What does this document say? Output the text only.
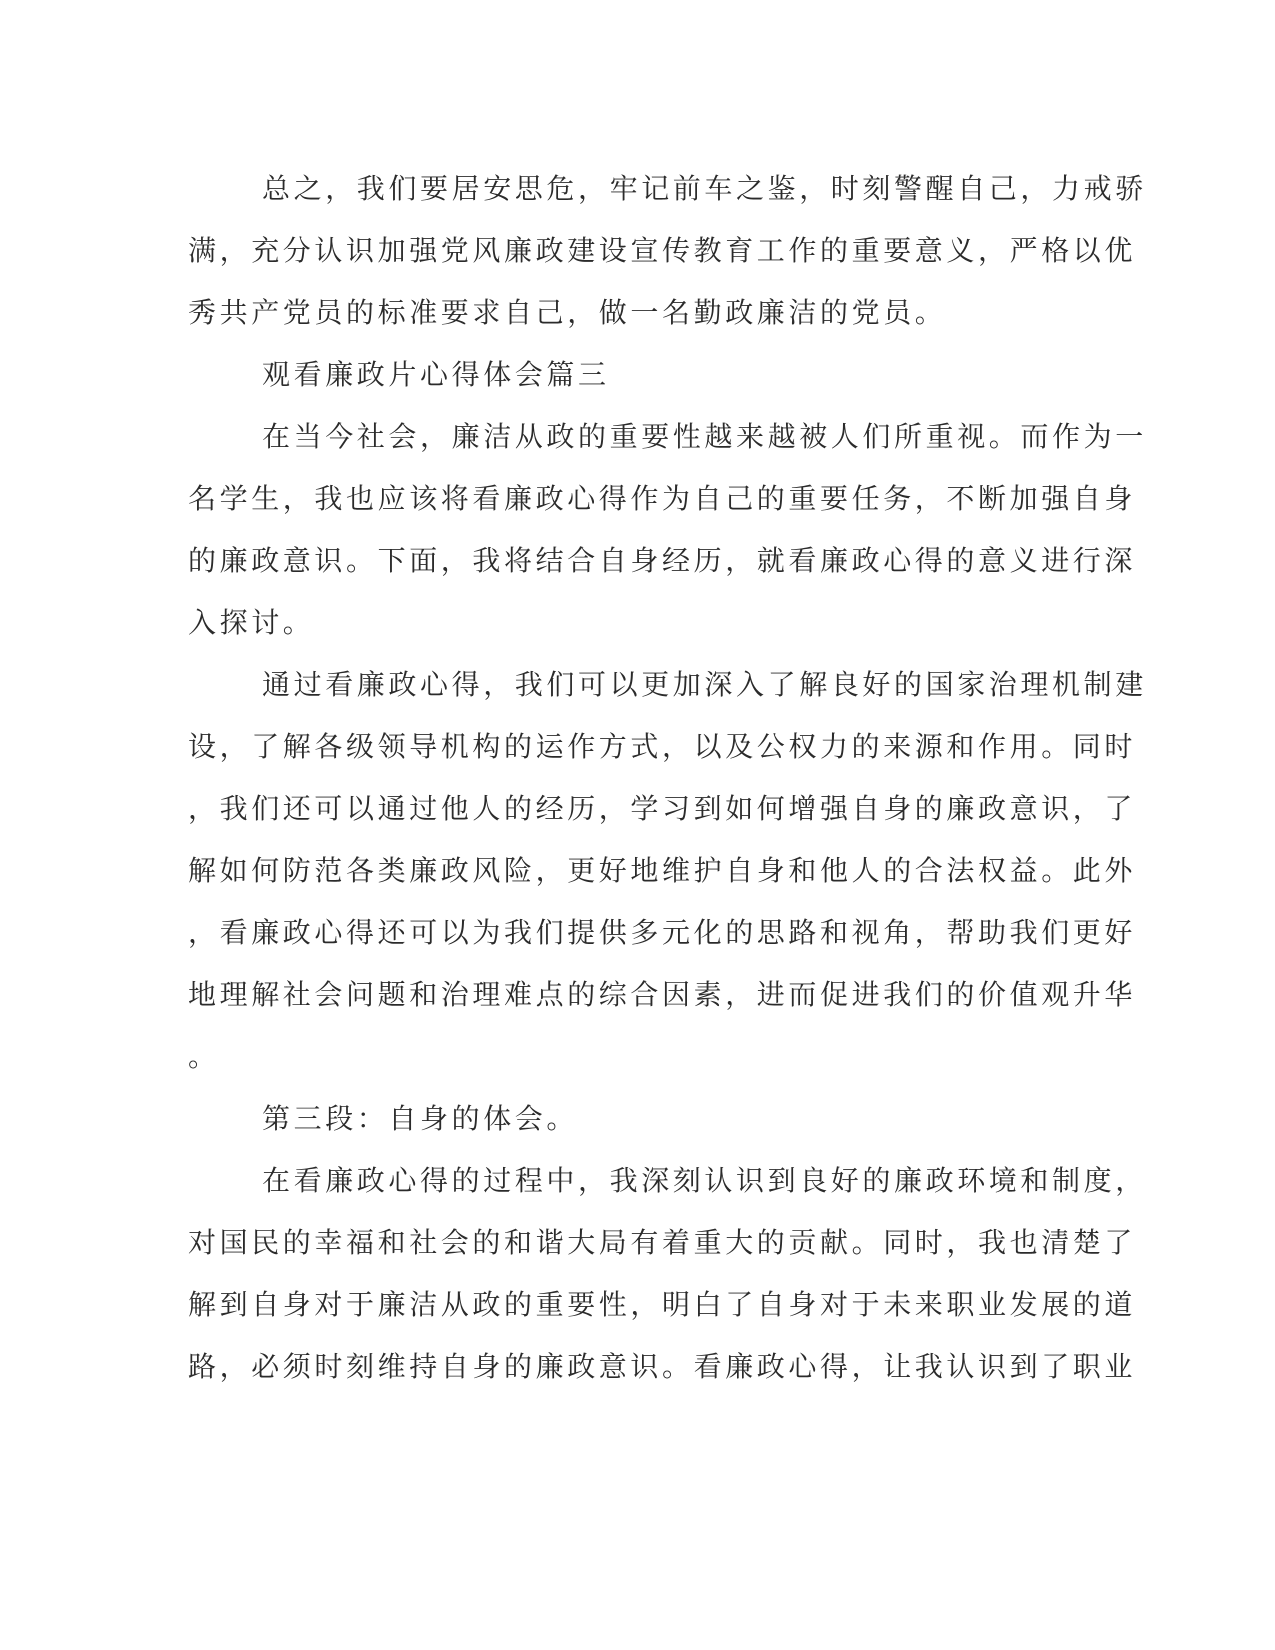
总之，我们要居安思危，牢记前车之鉴，时刻警醒自己，力戒骄
满，充分认识加强党风廉政建设宣传教育工作的重要意义，严格以优
秀共产党员的标准要求自己，做一名勤政廉洁的党员。
观看廉政片心得体会篇三
在当今社会，廉洁从政的重要性越来越被人们所重视。而作为一
名学生，我也应该将看廉政心得作为自己的重要任务，不断加强自身
的廉政意识。下面，我将结合自身经历，就看廉政心得的意义进行深
入探讨。
通过看廉政心得，我们可以更加深入了解良好的国家治理机制建
设，了解各级领导机构的运作方式，以及公权力的来源和作用。同时
，我们还可以通过他人的经历，学习到如何增强自身的廉政意识，了
解如何防范各类廉政风险，更好地维护自身和他人的合法权益。此外
，看廉政心得还可以为我们提供多元化的思路和视角，帮助我们更好
地理解社会问题和治理难点的综合因素，进而促进我们的价值观升华
。
第三段：自身的体会。
在看廉政心得的过程中，我深刻认识到良好的廉政环境和制度，
对国民的幸福和社会的和谐大局有着重大的贡献。同时，我也清楚了
解到自身对于廉洁从政的重要性，明白了自身对于未来职业发展的道
路，必须时刻维持自身的廉政意识。看廉政心得，让我认识到了职业
